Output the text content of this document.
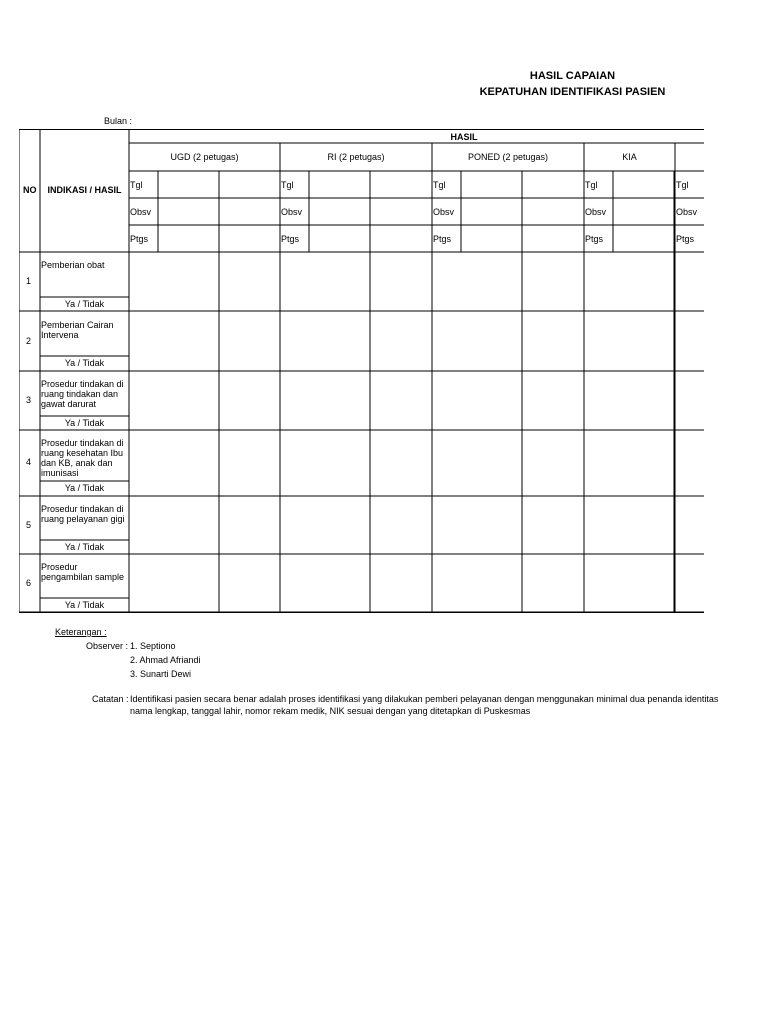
HASIL CAPAIAN
KEPATUHAN IDENTIFIKASI PASIEN
Bulan :
NO	INDIKASI / HASIL
HASIL
UGD (2 petugas)
Tgl
Obsv
Ptgs
RI (2 petugas)
Tgl
Obsv
Ptgs
PONED (2 petugas)
Tgl
Obsv
Ptgs
KIA
Tgl
Obsv
Ptgs
Tgl
Obsv
Ptgs
1
Pemberian obat
Ya / Tidak
2
Pemberian Cairan Intervena
Ya / Tidak
3
Prosedur tindakan di ruang tindakan dan gawat darurat
Ya / Tidak
4
Prosedur tindakan di ruang kesehatan Ibu dan KB, anak dan imunisasi
Ya / Tidak
5
Prosedur tindakan di ruang pelayanan gigi
Ya / Tidak
6
Prosedur pengambilan sample
Ya / Tidak
Keterangan :
Observer : 1. Septiono
2. Ahmad Afriandi
3. Sunarti Dewi
Catatan : Identifikasi pasien secara benar adalah proses identifikasi yang dilakukan pemberi pelayanan dengan menggunakan minimal dua penanda identitas
nama lengkap, tanggal lahir, nomor rekam medik, NIK sesuai dengan yang ditetapkan di Puskesmas
